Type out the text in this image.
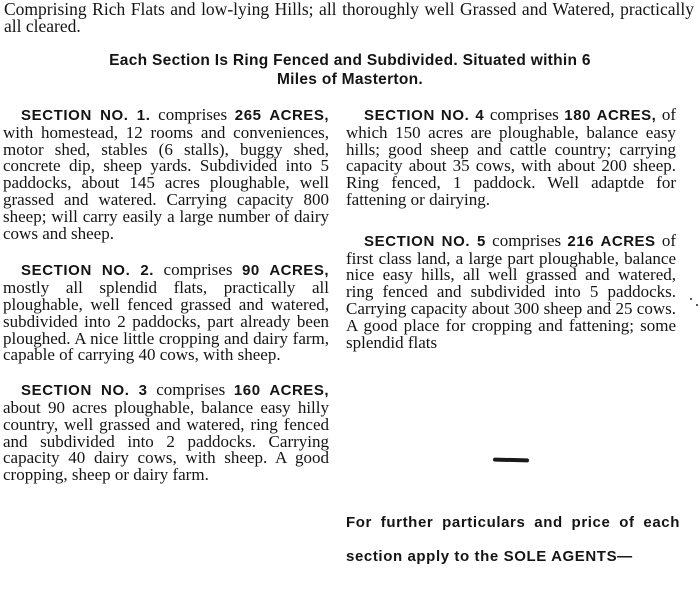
Comprising Rich Flats and low-lying Hills; all thoroughly well Grassed and Watered, practically all cleared.
Each Section Is Ring Fenced and Subdivided. Situated within 6
Miles of Masterton.
SECTION NO. 1. comprises 265 ACRES, with homestead, 12 rooms and conveniences, motor shed, stables (6 stalls), buggy shed, concrete dip, sheep yards. Subdivided into 5 paddocks, about 145 acres ploughable, well grassed and watered. Carrying capacity 800 sheep; will carry easily a large number of dairy cows and sheep.
SECTION NO. 2. comprises 90 ACRES, mostly all splendid flats, practically all ploughable, well fenced grassed and watered, subdivided into 2 paddocks, part already been ploughed. A nice little cropping and dairy farm, capable of carrying 40 cows, with sheep.
SECTION NO. 3 comprises 160 ACRES, about 90 acres ploughable, balance easy hilly country, well grassed and watered, ring fenced and subdivided into 2 paddocks. Carrying capacity 40 dairy cows, with sheep. A good cropping, sheep or dairy farm.
SECTION NO. 4 comprises 180 ACRES, of which 150 acres are ploughable, balance easy hills; good sheep and cattle country; carrying capacity about 35 cows, with about 200 sheep. Ring fenced, 1 paddock. Well adaptde for fattening or dairying.
SECTION NO. 5 comprises 216 ACRES of first class land, a large part ploughable, balance nice easy hills, all well grassed and watered, ring fenced and subdivided into 5 paddocks. Carrying capacity about 300 sheep and 25 cows. A good place for cropping and fattening; some splendid flats
For further particulars and price of each section apply to the SOLE AGENTS—
